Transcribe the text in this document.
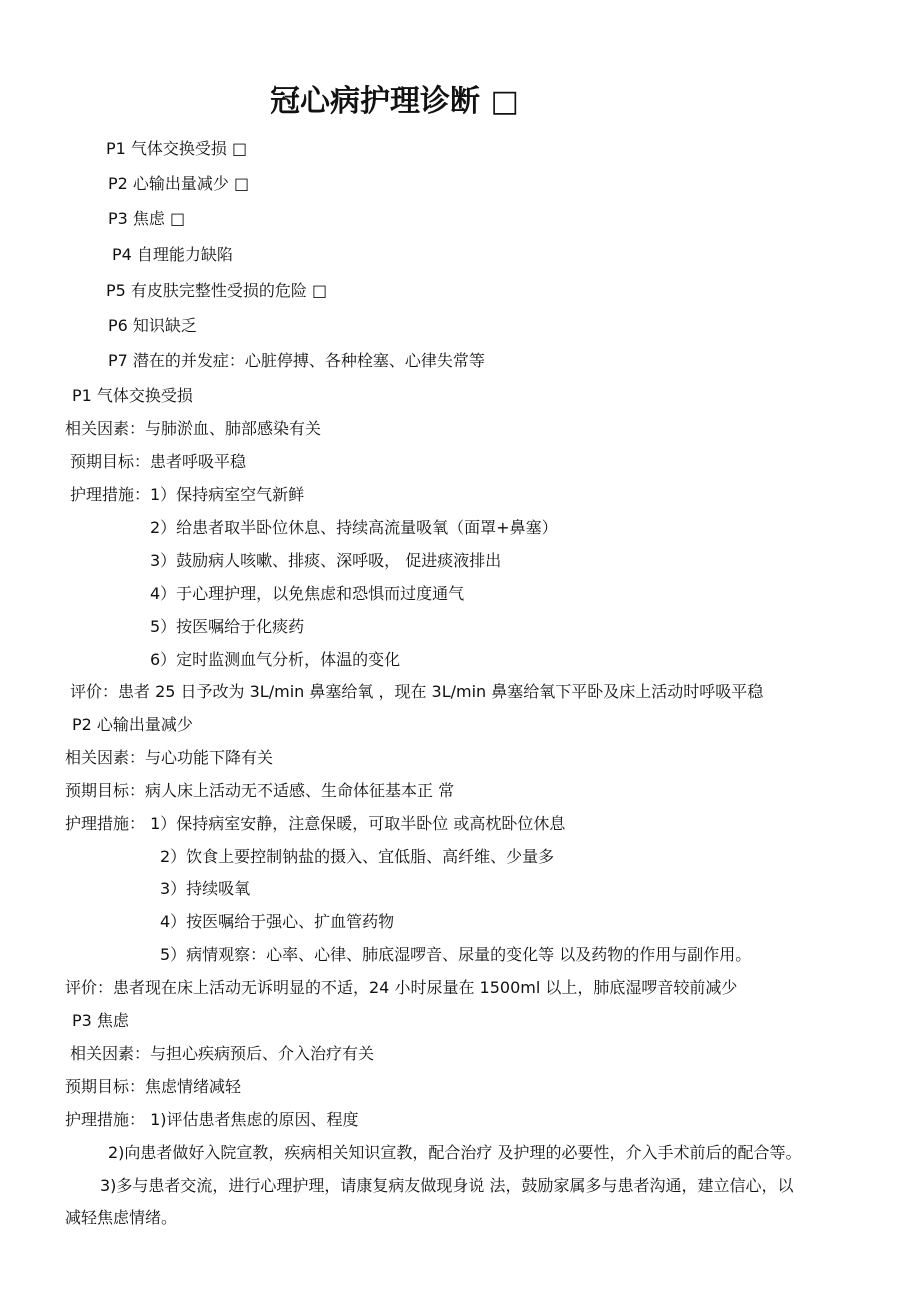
冠心病护理诊断 □
P1 气体交换受损 □
P2 心输出量减少 □
P3 焦虑 □
P4 自理能力缺陷
P5 有皮肤完整性受损的危险 □
P6 知识缺乏
P7 潜在的并发症：心脏停搏、各种栓塞、心律失常等
P1 气体交换受损
相关因素：与肺淤血、肺部感染有关
预期目标：患者呼吸平稳
护理措施：1）保持病室空气新鲜
2）给患者取半卧位休息、持续高流量吸氧（面罩+鼻塞）
3）鼓励病人咳嗽、排痰、深呼吸， 促进痰液排出
4）于心理护理，以免焦虑和恐惧而过度通气
5）按医嘱给于化痰药
6）定时监测血气分析，体温的变化
评价：患者 25 日予改为 3L/min 鼻塞给氧 ，现在 3L/min 鼻塞给氧下平卧及床上活动时呼吸平稳
P2 心输出量减少
相关因素：与心功能下降有关
预期目标：病人床上活动无不适感、生命体征基本正 常
护理措施： 1）保持病室安静，注意保暖，可取半卧位 或高枕卧位休息
2）饮食上要控制钠盐的摄入、宜低脂、高纤维、少量多
3）持续吸氧
4）按医嘱给于强心、扩血管药物
5）病情观察：心率、心律、肺底湿啰音、尿量的变化等 以及药物的作用与副作用。
评价：患者现在床上活动无诉明显的不适，24 小时尿量在 1500ml 以上，肺底湿啰音较前减少
P3 焦虑
相关因素：与担心疾病预后、介入治疗有关
预期目标：焦虑情绪减轻
护理措施： 1)评估患者焦虑的原因、程度
2)向患者做好入院宣教，疾病相关知识宣教，配合治疗 及护理的必要性，介入手术前后的配合等。
3)多与患者交流，进行心理护理，请康复病友做现身说 法，鼓励家属多与患者沟通，建立信心，以
减轻焦虑情绪。
